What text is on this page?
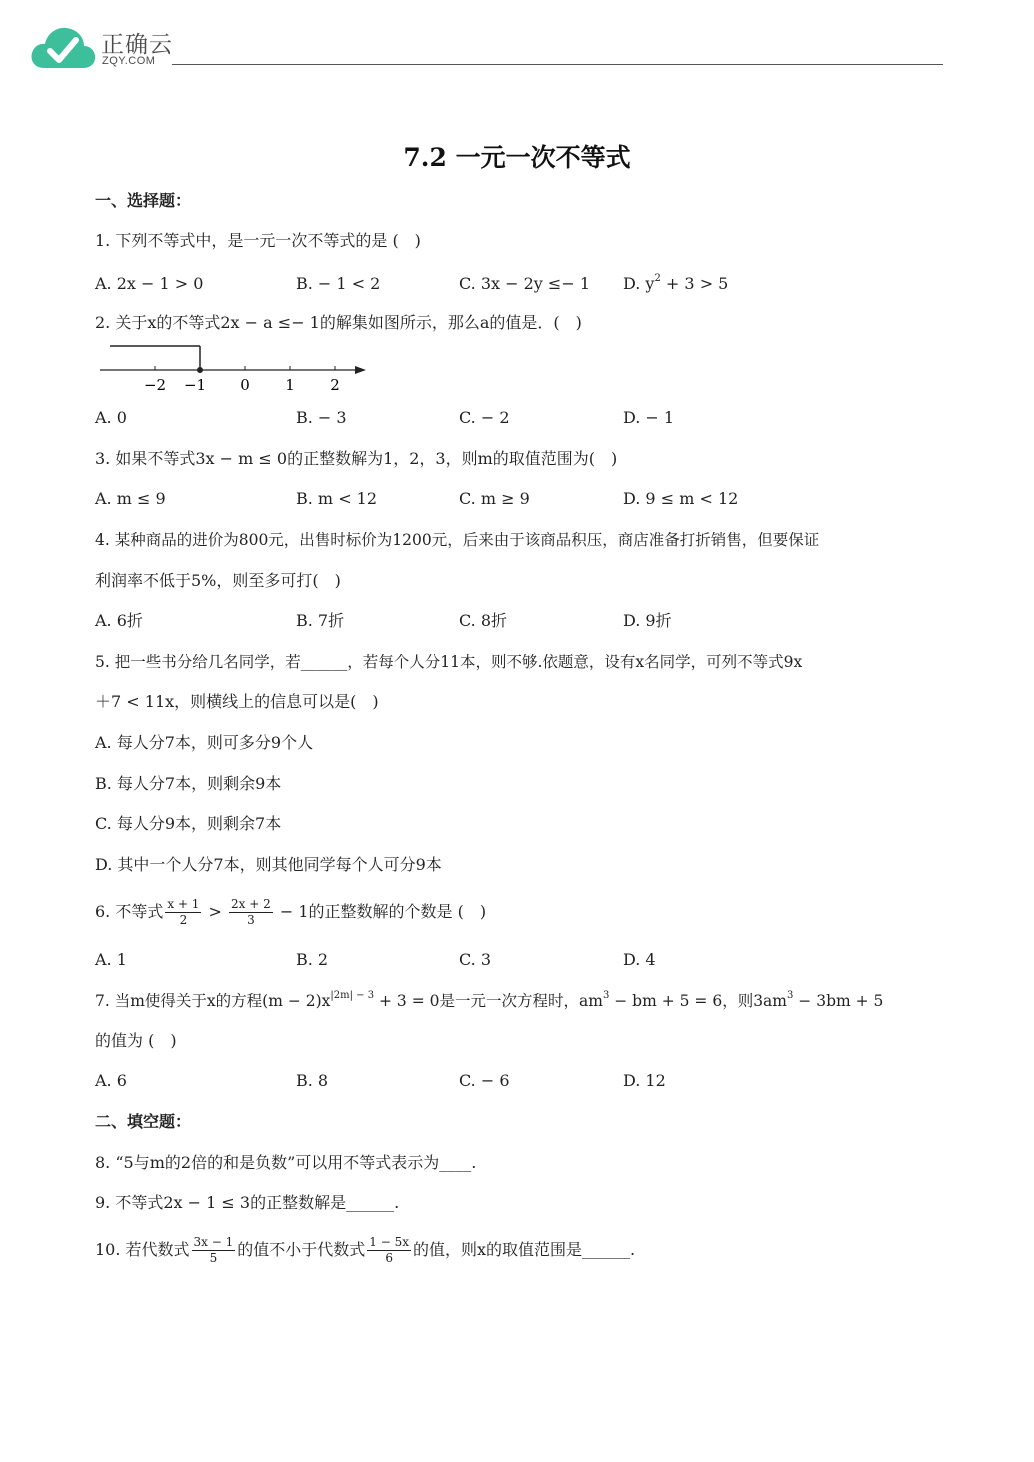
正确云
ZQY.COM
7.2 一元一次不等式
一、选择题：
1. 下列不等式中，是一元一次不等式的是 (　)
A. 2x − 1 > 0	B. − 1 < 2	C. 3x − 2y ≤− 1 D. $y^2 + 3 > 5$
2. 关于x的不等式2x − a ≤− 1的解集如图所示，那么a的值是．(　)
−2 −1 0 1 2
A. 0	B. − 3	C. − 2	D. − 1
3. 如果不等式3x − m ≤ 0的正整数解为1，2，3，则m的取值范围为(　)
A. m ≤ 9	B. m < 12	C. m ≥ 9	D. 9 ≤ m < 12
4. 某种商品的进价为800元，出售时标价为1200元，后来由于该商品积压，商店准备打折销售，但要保证
利润率不低于5%，则至多可打(　)
A. 6折	B. 7折	C. 8折	D. 9折
5. 把一些书分给几名同学，若______，若每个人分11本，则不够.依题意，设有x名同学，可列不等式9x
＋7 < 11x，则横线上的信息可以是(　)
A. 每人分7本，则可多分9个人
B. 每人分7本，则剩余9本
C. 每人分9本，则剩余7本
D. 其中一个人分7本，则其他同学每个人可分9本
6. 不等式 $\frac{x + 1}{2} > \frac{2x + 2}{3} - 1$的正整数解的个数是 (　)
A. 1	B. 2	C. 3	D. 4
7. 当m使得关于x的方程$(m - 2)x^{|2m| - 3} + 3 = 0$是一元一次方程时，$am^3$ − bm + 5 = 6，则$3am^3 - 3bm + 5$
的值为 (　)
A. 6	B. 8	C. − 6	D. 12
二、填空题：
8. “5与m的2倍的和是负数”可以用不等式表示为____.
9. 不等式2x − 1 ≤ 3的正整数解是______.
10. 若代数式 $\frac{3x - 1}{5}$ 的值不小于代数式 $\frac{1 - 5x}{6}$ 的值，则x的取值范围是______.
